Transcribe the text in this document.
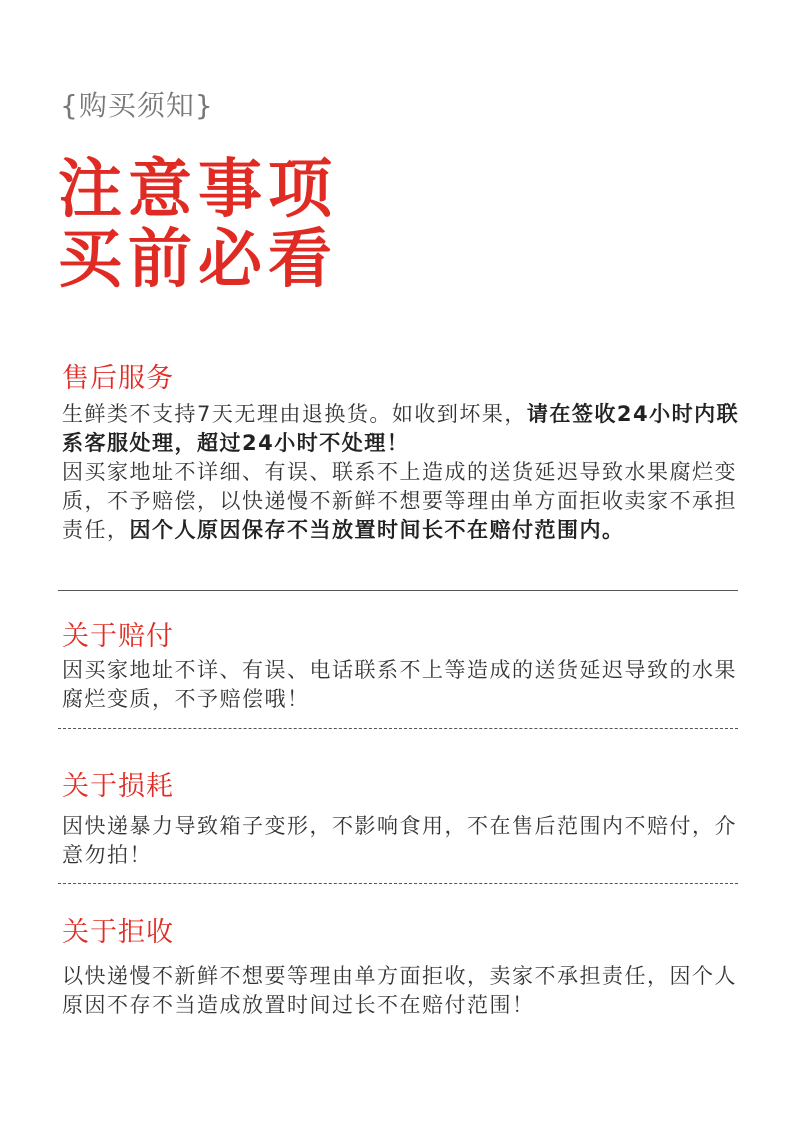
{购买须知}
注意事项
买前必看
售后服务
生鲜类不支持7天无理由退换货。如收到坏果，请在签收24小时内联系客服处理，超过24小时不处理！
因买家地址不详细、有误、联系不上造成的送货延迟导致水果腐烂变质，不予赔偿，以快递慢不新鲜不想要等理由单方面拒收卖家不承担责任，因个人原因保存不当放置时间长不在赔付范围内。
关于赔付
因买家地址不详、有误、电话联系不上等造成的送货延迟导致的水果腐烂变质，不予赔偿哦！
关于损耗
因快递暴力导致箱子变形，不影响食用，不在售后范围内不赔付，介意勿拍！
关于拒收
以快递慢不新鲜不想要等理由单方面拒收，卖家不承担责任，因个人原因不存不当造成放置时间过长不在赔付范围！
